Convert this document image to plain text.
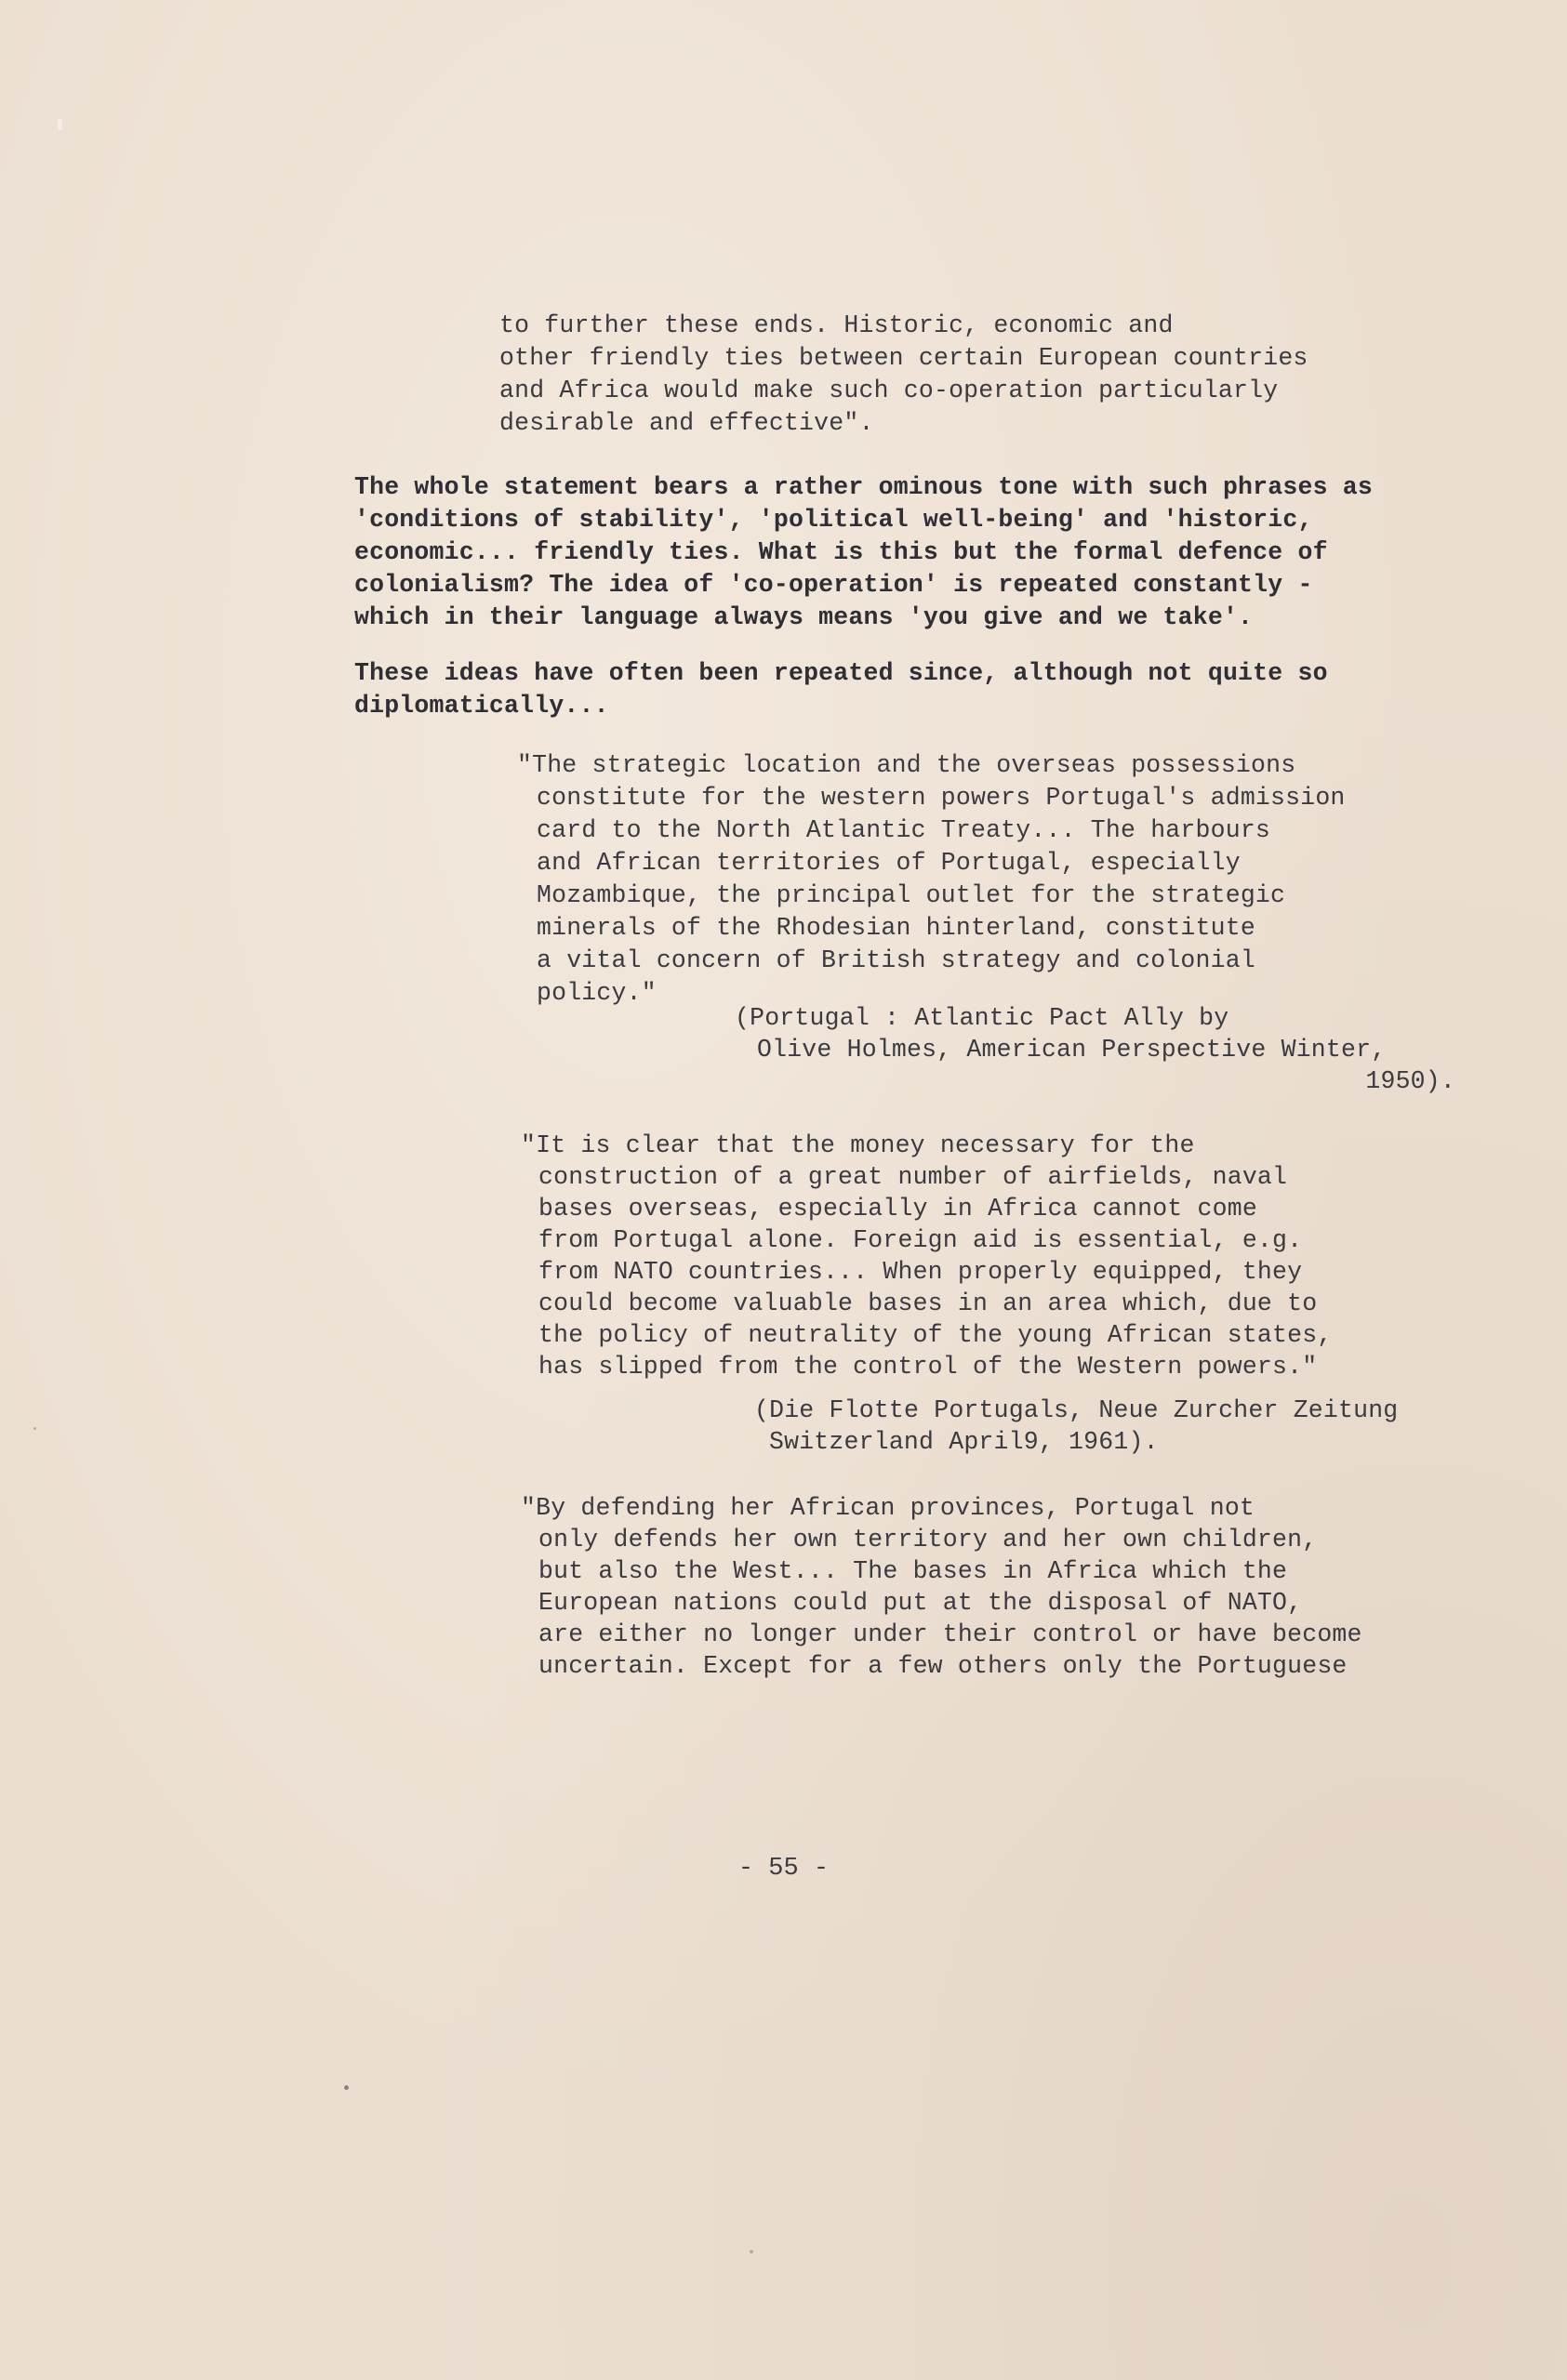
to further these ends. Historic, economic and
other friendly ties between certain European countries
and Africa would make such co-operation particularly
desirable and effective".
The whole statement bears a rather ominous tone with such phrases as
'conditions of stability', 'political well-being' and 'historic,
economic... friendly ties. What is this but the formal defence of
colonialism? The idea of 'co-operation' is repeated constantly -
which in their language always means 'you give and we take'.
These ideas have often been repeated since, although not quite so
diplomatically...
"The strategic location and the overseas possessions
constitute for the western powers Portugal's admission
card to the North Atlantic Treaty... The harbours
and African territories of Portugal, especially
Mozambique, the principal outlet for the strategic
minerals of the Rhodesian hinterland, constitute
a vital concern of British strategy and colonial
policy."
(Portugal : Atlantic Pact Ally by
Olive Holmes, American Perspective Winter,
1950).
"It is clear that the money necessary for the
construction of a great number of airfields, naval
bases overseas, especially in Africa cannot come
from Portugal alone. Foreign aid is essential, e.g.
from NATO countries... When properly equipped, they
could become valuable bases in an area which, due to
the policy of neutrality of the young African states,
has slipped from the control of the Western powers."
(Die Flotte Portugals, Neue Zurcher Zeitung
Switzerland April9, 1961).
"By defending her African provinces, Portugal not
only defends her own territory and her own children,
but also the West... The bases in Africa which the
European nations could put at the disposal of NATO,
are either no longer under their control or have become
uncertain. Except for a few others only the Portuguese
- 55 -
